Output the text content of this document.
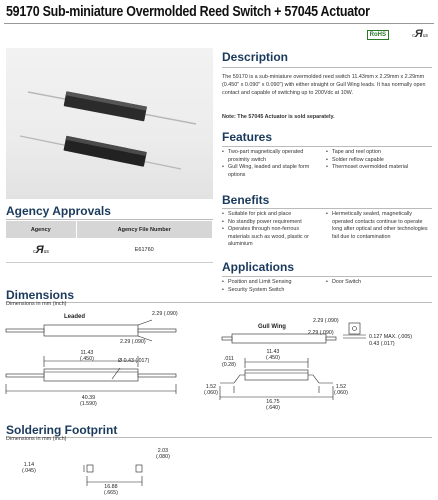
59170 Sub-miniature Overmolded Reed Switch + 57045 Actuator
RoHS	cЯus
Description

The 59170 is a sub-miniature overmolded reed switch 11.43mm x 2.29mm x 2.29mm (0.450" x 0.090" x 0.090") with either straight or Gull Wing leads. It has normally open contact and capable of switching up to 200Vdc at 10W.

Note: The 57045 Actuator is sold separately.

Features
• Two-part magnetically operated proximity switch
• Gull Wing, leaded and staple form options
• Tape and reel option
• Solder reflow capable
• Thermoset overmolded material
Benefits
• Suitable for pick and place
• No standby power requirement
• Operates through non-ferrous materials such as wood, plastic or aluminium
• Hermetically sealed, magnetically operated contacts continue to operate long after optical and other technologies fail due to contamination
Applications
• Position and Limit Sensing
• Security System Switch
• Door Switch
Agency Approvals
Agency	Agency File Number
cЯus	E61760
Dimensions
Dimensions in mm (inch)
Leaded
Gull Wing
2.29 (.090)
2.29 (.090)
11.43
(.450)	Ø 0.43 (.017)
40.39
(1.590)
2.29 (.090)
2.29 (.090)
0.127 MAX. (.005)
0.43 (.017)
.011
(0.28)
11.43
(.450)
1.52
(.060)
1.52
(.060)
16.75
(.640)
Soldering Footprint
Dimensions in mm (inch)
1.14
(.045)
2.03
(.080)
16.88
(.665)
